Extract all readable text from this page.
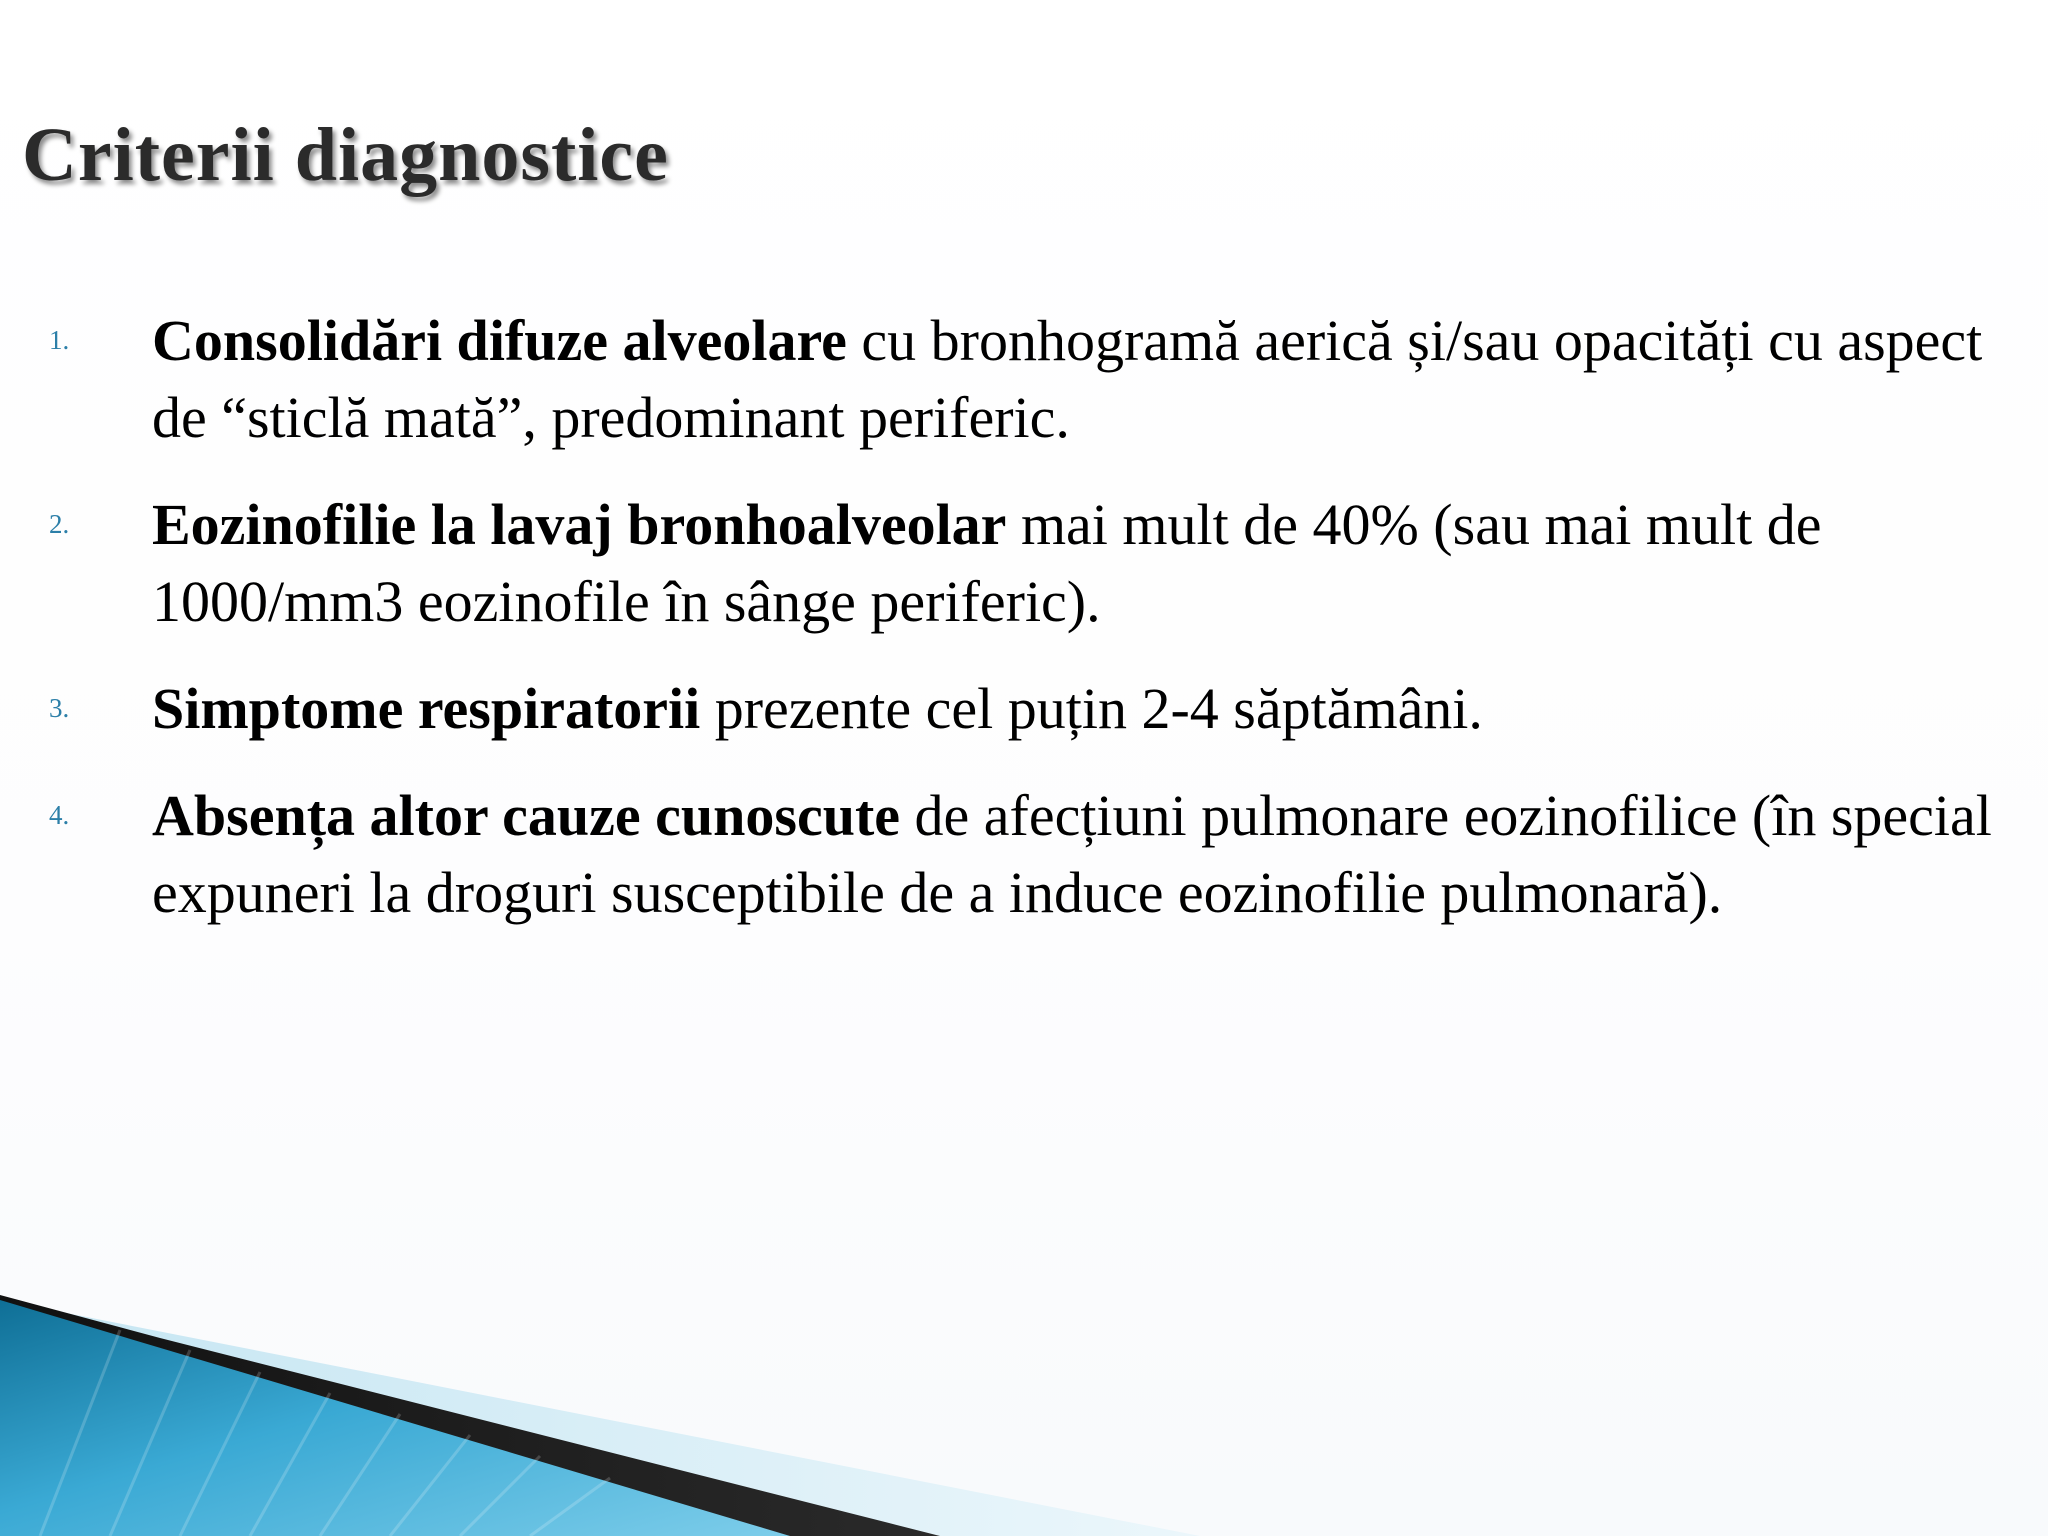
Criterii diagnostice
1. Consolidări difuze alveolare cu bronhogramă aerică și/sau opacități cu aspect de “sticlă mată”, predominant periferic.
2. Eozinofilie la lavaj bronhoalveolar mai mult de 40% (sau mai mult de 1000/mm3 eozinofile în sânge periferic).
3. Simptome respiratorii prezente cel puțin 2-4 săptămâni.
4. Absența altor cauze cunoscute de afecțiuni pulmonare eozinofilice (în special expuneri la droguri susceptibile de a induce eozinofilie pulmonară).
